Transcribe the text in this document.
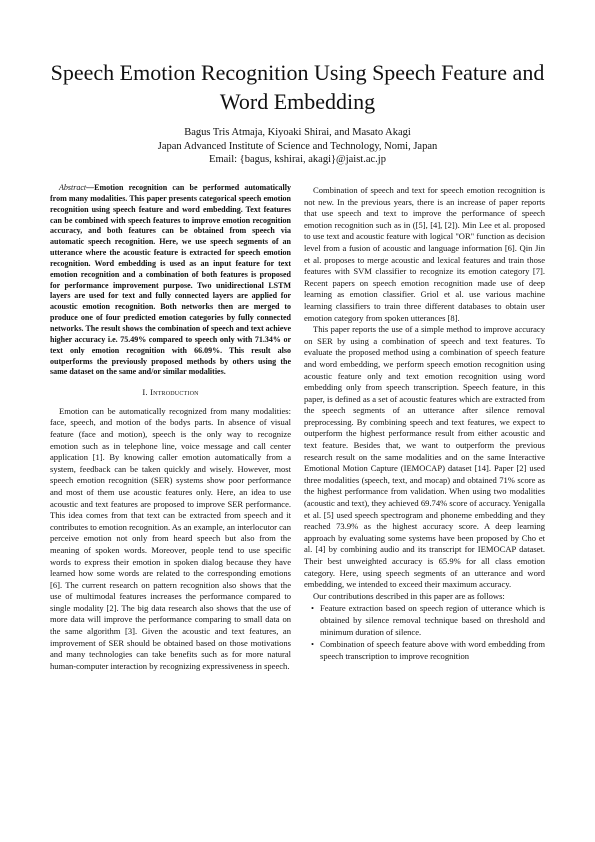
Speech Emotion Recognition Using Speech Feature and Word Embedding
Bagus Tris Atmaja, Kiyoaki Shirai, and Masato Akagi
Japan Advanced Institute of Science and Technology, Nomi, Japan
Email: {bagus, kshirai, akagi}@jaist.ac.jp

Abstract—Emotion recognition can be performed automatically from many modalities. This paper presents categorical speech emotion recognition using speech feature and word embedding. Text features can be combined with speech features to improve emotion recognition accuracy, and both features can be obtained from speech via automatic speech recognition. Here, we use speech segments of an utterance where the acoustic feature is extracted for speech emotion recognition. Word embedding is used as an input feature for text emotion recognition and a combination of both features is proposed for performance improvement purpose. Two unidirectional LSTM layers are used for text and fully connected layers are applied for acoustic emotion recognition. Both networks then are merged to produce one of four predicted emotion categories by fully connected networks. The result shows the combination of speech and text achieve higher accuracy i.e. 75.49% compared to speech only with 71.34% or text only emotion recognition with 66.09%. This result also outperforms the previously proposed methods by others using the same dataset on the same and/or similar modalities.

I. Introduction

Emotion can be automatically recognized from many modalities: face, speech, and motion of the bodys parts. In absence of visual feature (face and motion), speech is the only way to recognize emotion such as in telephone line, voice message and call center application [1]. By knowing caller emotion automatically from a system, feedback can be taken quickly and wisely. However, most speech emotion recognition (SER) systems show poor performance and most of them use acoustic features only. Here, an idea to use acoustic and text features are proposed to improve SER performance. This idea comes from that text can be extracted from speech and it contributes to emotion recognition. As an example, an interlocutor can perceive emotion not only from heard speech but also from the meaning of spoken words. Moreover, people tend to use specific words to express their emotion in spoken dialog because they have learned how some words are related to the corresponding emotions [6]. The current research on pattern recognition also shows that the use of multimodal features increases the performance compared to single modality [2]. The big data research also shows that the use of more data will improve the performance comparing to small data on the same algorithm [3]. Given the acoustic and text features, an improvement of SER should be obtained based on those motivations and many technologies can take benefits such as for more natural human-computer interaction by recognizing expressiveness in speech.

Combination of speech and text for speech emotion recognition is not new. In the previous years, there is an increase of paper reports that use speech and text to improve the performance of speech emotion recognition such as in ([5], [4], [2]). Min Lee et al. proposed to use text and acoustic feature with logical "OR" function as decision level from a fusion of acoustic and language information [6]. Qin Jin et al. proposes to merge acoustic and lexical features and train those features with SVM classifier to recognize its emotion category [7]. Recent papers on speech emotion recognition made use of deep learning as emotion classifier. Griol et al. use various machine learning classifiers to train three different databases to obtain user emotion category from spoken utterances [8].

This paper reports the use of a simple method to improve accuracy on SER by using a combination of speech and text features. To evaluate the proposed method using a combination of speech feature and word embedding, we perform speech emotion recognition using acoustic feature only and text emotion recognition using word embedding only from speech transcription. Speech feature, in this paper, is defined as a set of acoustic features which are extracted from the speech segments of an utterance after silence removal preprocessing. By combining speech and text features, we expect to outperform the highest performance result from either acoustic and text feature. Besides that, we want to outperform the previous research result on the same modalities and on the same Interactive Emotional Motion Capture (IEMOCAP) dataset [14]. Paper [2] used three modalities (speech, text, and mocap) and obtained 71% score as the highest performance from validation. When using two modalities (acoustic and text), they achieved 69.74% score of accuracy. Yenigalla et al. [5] used speech spectrogram and phoneme embedding and they reached 73.9% as the highest accuracy score. A deep learning approach by evaluating some systems have been proposed by Cho et al. [4] by combining audio and its transcript for IEMOCAP dataset. Their best unweighted accuracy is 65.9% for all class emotion category. Here, using speech segments of an utterance and word embedding, we intended to exceed their maximum accuracy.

Our contributions described in this paper are as follows:

• Feature extraction based on speech region of utterance which is obtained by silence removal technique based on threshold and minimum duration of silence.
• Combination of speech feature above with word embedding from speech transcription to improve recognition
